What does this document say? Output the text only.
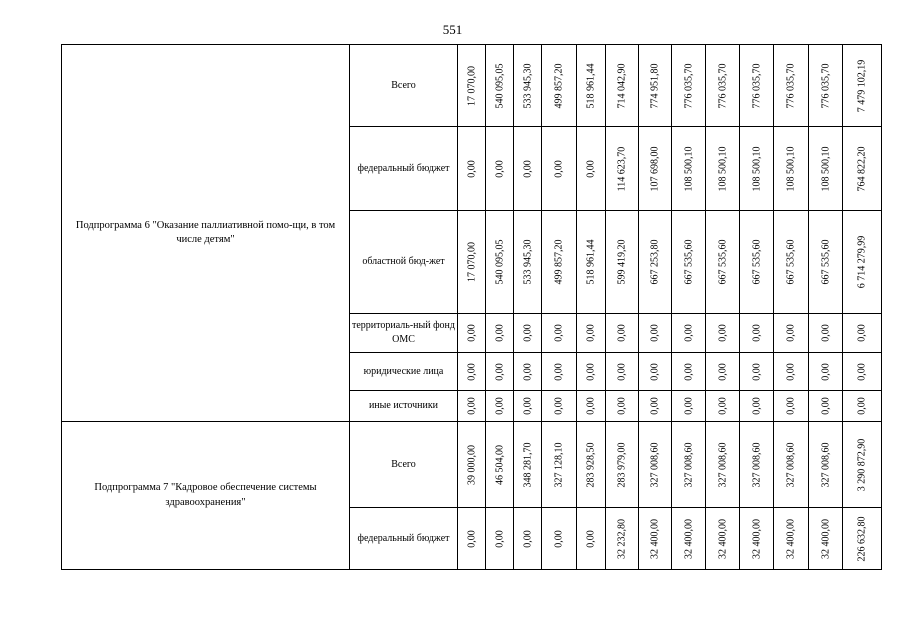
551
Подпрограмма 6 "Оказание паллиативной помо-щи, в том числе детям"	Всего	17 070,00	540 095,05	533 945,30	499 857,20	518 961,44	714 042,90	774 951,80	776 035,70	776 035,70	776 035,70	776 035,70	776 035,70	7 479 102,19

	федеральный бюджет	0,00	0,00	0,00	0,00	0,00	114 623,70	107 698,00	108 500,10	108 500,10	108 500,10	108 500,10	108 500,10	764 822,20

	областной бюд-жет	17 070,00	540 095,05	533 945,30	499 857,20	518 961,44	599 419,20	667 253,80	667 535,60	667 535,60	667 535,60	667 535,60	667 535,60	6 714 279,99

	территориаль-ный фонд ОМС	0,00	0,00	0,00	0,00	0,00	0,00	0,00	0,00	0,00	0,00	0,00	0,00	0,00

	юридические лица	0,00	0,00	0,00	0,00	0,00	0,00	0,00	0,00	0,00	0,00	0,00	0,00	0,00

	иные источники	0,00	0,00	0,00	0,00	0,00	0,00	0,00	0,00	0,00	0,00	0,00	0,00	0,00

Подпрограмма 7 "Кадровое обеспечение системы здравоохранения"	Всего	39 000,00	46 504,00	348 281,70	327 128,10	283 928,50	283 979,00	327 008,60	327 008,60	327 008,60	327 008,60	327 008,60	327 008,60	3 290 872,90

	федеральный бюджет	0,00	0,00	0,00	0,00	0,00	32 232,80	32 400,00	32 400,00	32 400,00	32 400,00	32 400,00	32 400,00	226 632,80
